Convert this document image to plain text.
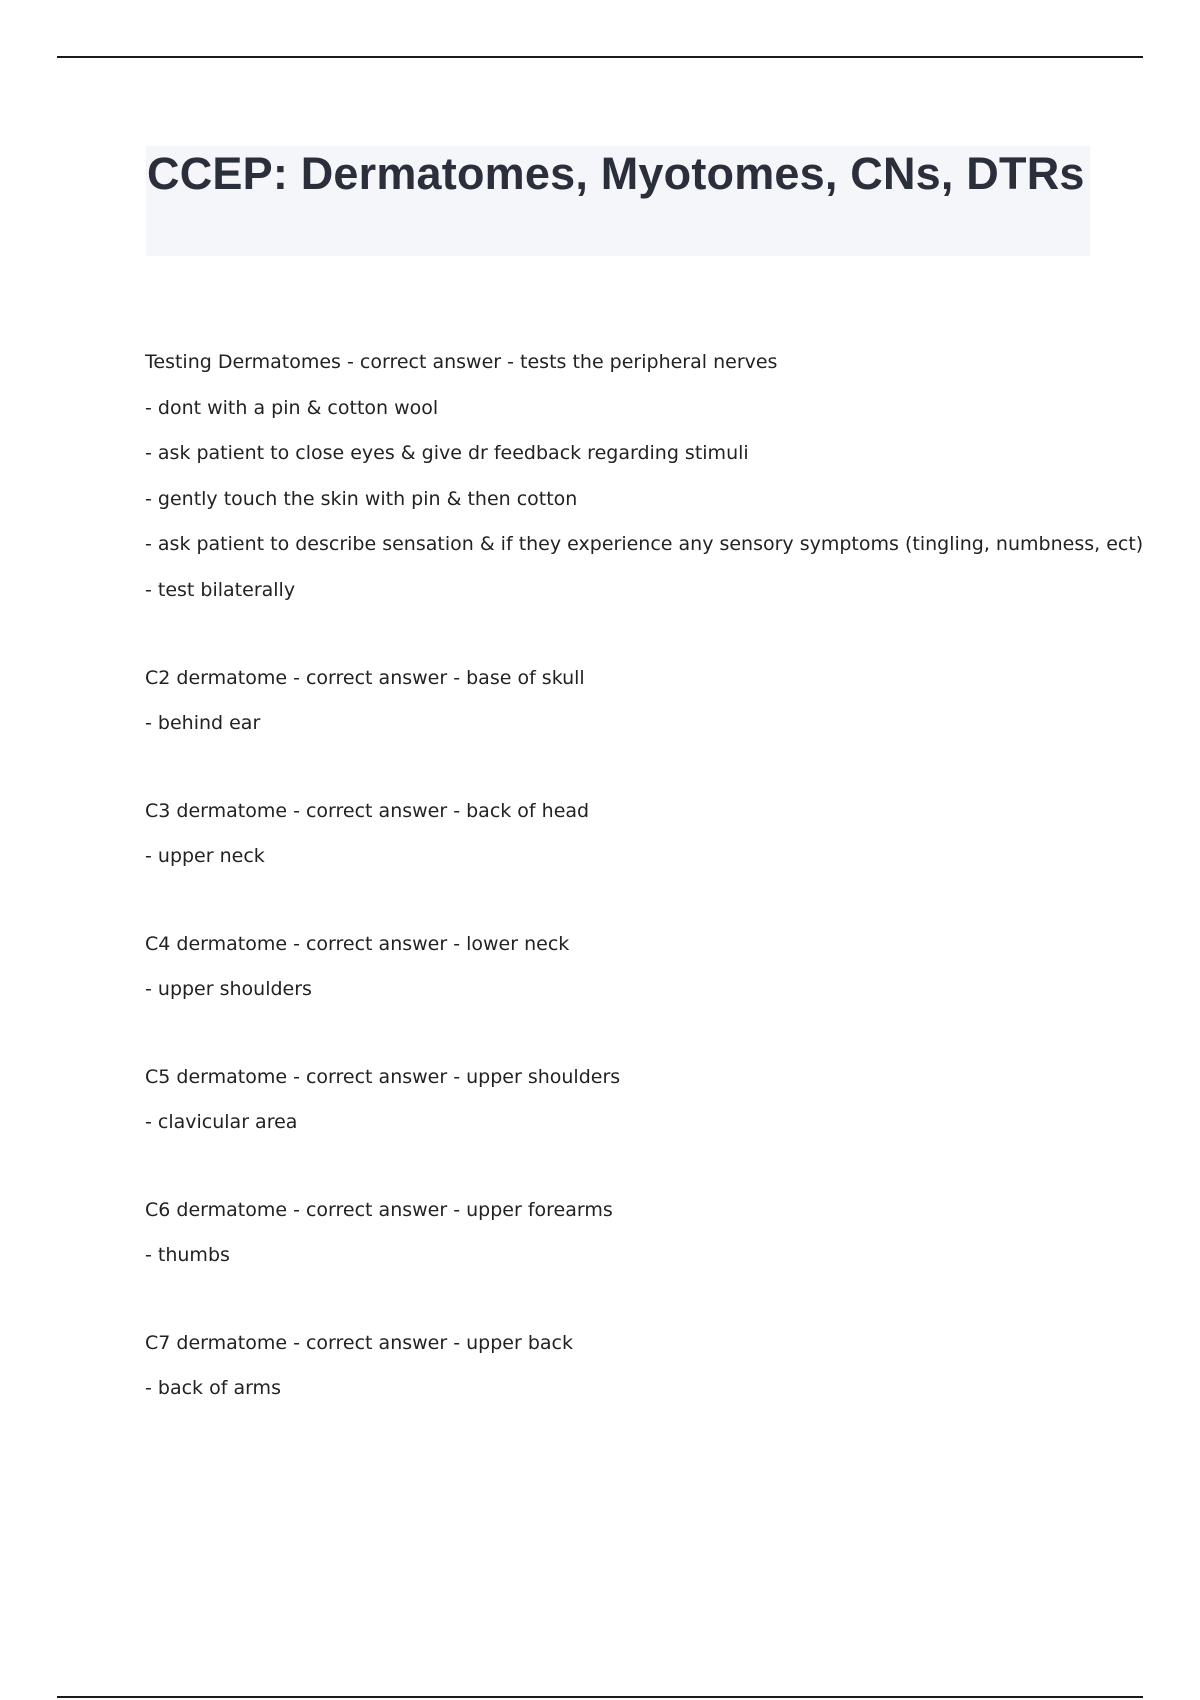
CCEP: Dermatomes, Myotomes, CNs, DTRs
Testing Dermatomes - correct answer - tests the peripheral nerves
- dont with a pin & cotton wool
- ask patient to close eyes & give dr feedback regarding stimuli
- gently touch the skin with pin & then cotton
- ask patient to describe sensation & if they experience any sensory symptoms (tingling, numbness, ect)
- test bilaterally
C2 dermatome - correct answer - base of skull
- behind ear
C3 dermatome - correct answer - back of head
- upper neck
C4 dermatome - correct answer - lower neck
- upper shoulders
C5 dermatome - correct answer - upper shoulders
- clavicular area
C6 dermatome - correct answer - upper forearms
- thumbs
C7 dermatome - correct answer - upper back
- back of arms
